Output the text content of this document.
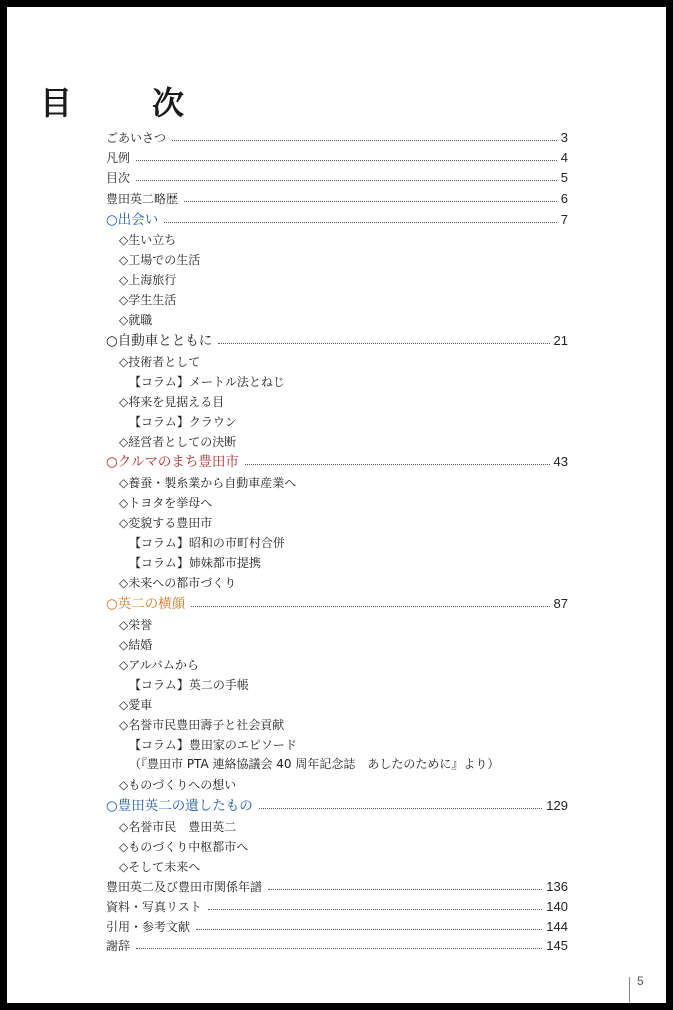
目　次
ごあいさつ	3
凡例	4
目次	5
豊田英二略歴	6
○出会い	7
◇生い立ち
◇工場での生活
◇上海旅行
◇学生生活
◇就職
○自動車とともに	21
◇技術者として
【コラム】メートル法とねじ
◇将来を見据える目
【コラム】クラウン
◇経営者としての決断
○クルマのまち豊田市	43
◇養蚕・製糸業から自動車産業へ
◇トヨタを挙母へ
◇変貌する豊田市
【コラム】昭和の市町村合併
【コラム】姉妹都市提携
◇未来への都市づくり
○英二の横顔	87
◇栄誉
◇結婚
◇アルバムから
【コラム】英二の手帳
◇愛車
◇名誉市民豊田壽子と社会貢献
【コラム】豊田家のエピソード
（『豊田市 PTA 連絡協議会 40 周年記念誌　あしたのために』より）
◇ものづくりへの想い
○豊田英二の遺したもの	129
◇名誉市民　豊田英二
◇ものづくり中枢都市へ
◇そして未来へ
豊田英二及び豊田市関係年譜	136
資料・写真リスト	140
引用・参考文献	144
謝辞	145
5
